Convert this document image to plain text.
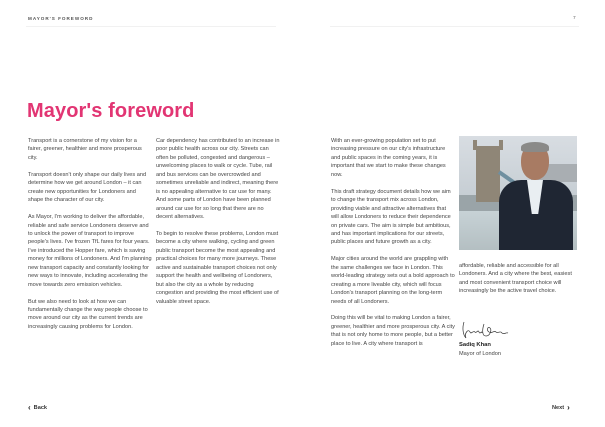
MAYOR'S FOREWORD	7
Mayor's foreword

Transport is a cornerstone of my vision for a fairer, greener, healthier and more prosperous city.

Transport doesn't only shape our daily lives and determine how we get around London – it can create new opportunities for Londoners and shape the character of our city.

As Mayor, I'm working to deliver the affordable, reliable and safe service Londoners deserve and to unlock the power of transport to improve people's lives. I've frozen TfL fares for four years. I've introduced the Hopper fare, which is saving money for millions of Londoners. And I'm planning new transport capacity and constantly looking for new ways to innovate, including accelerating the move towards zero emission vehicles.

But we also need to look at how we can fundamentally change the way people choose to move around our city as the current trends are increasingly causing problems for London.

Car dependency has contributed to an increase in poor public health across our city. Streets can often be polluted, congested and dangerous – unwelcoming places to walk or cycle. Tube, rail and bus services can be overcrowded and sometimes unreliable and indirect, meaning there is no appealing alternative to car use for many. And some parts of London have been planned around car use for so long that there are no decent alternatives.

To begin to resolve these problems, London must become a city where walking, cycling and green public transport become the most appealing and practical choices for many more journeys. These active and sustainable transport choices not only support the health and wellbeing of Londoners, but also the city as a whole by reducing congestion and providing the most efficient use of valuable street space.

With an ever-growing population set to put increasing pressure on our city's infrastructure and public spaces in the coming years, it is important that we start to make these changes now.

This draft strategy document details how we aim to change the transport mix across London, providing viable and attractive alternatives that will allow Londoners to reduce their dependence on private cars. The aim is simple but ambitious, and has important implications for our streets, public places and future growth as a city.

Major cities around the world are grappling with the same challenges we face in London. This world-leading strategy sets out a bold approach to creating a more liveable city, which will focus London's transport planning on the long-term needs of all Londoners.

Doing this will be vital to making London a fairer, greener, healthier and more prosperous city. A city that is not only home to more people, but a better place to live. A city where transport is

affordable, reliable and accessible for all Londoners. And a city where the best, easiest and most convenient transport choice will increasingly be the active travel choice.

Sadiq Khan
Mayor of London
‹ Back	Next ›
